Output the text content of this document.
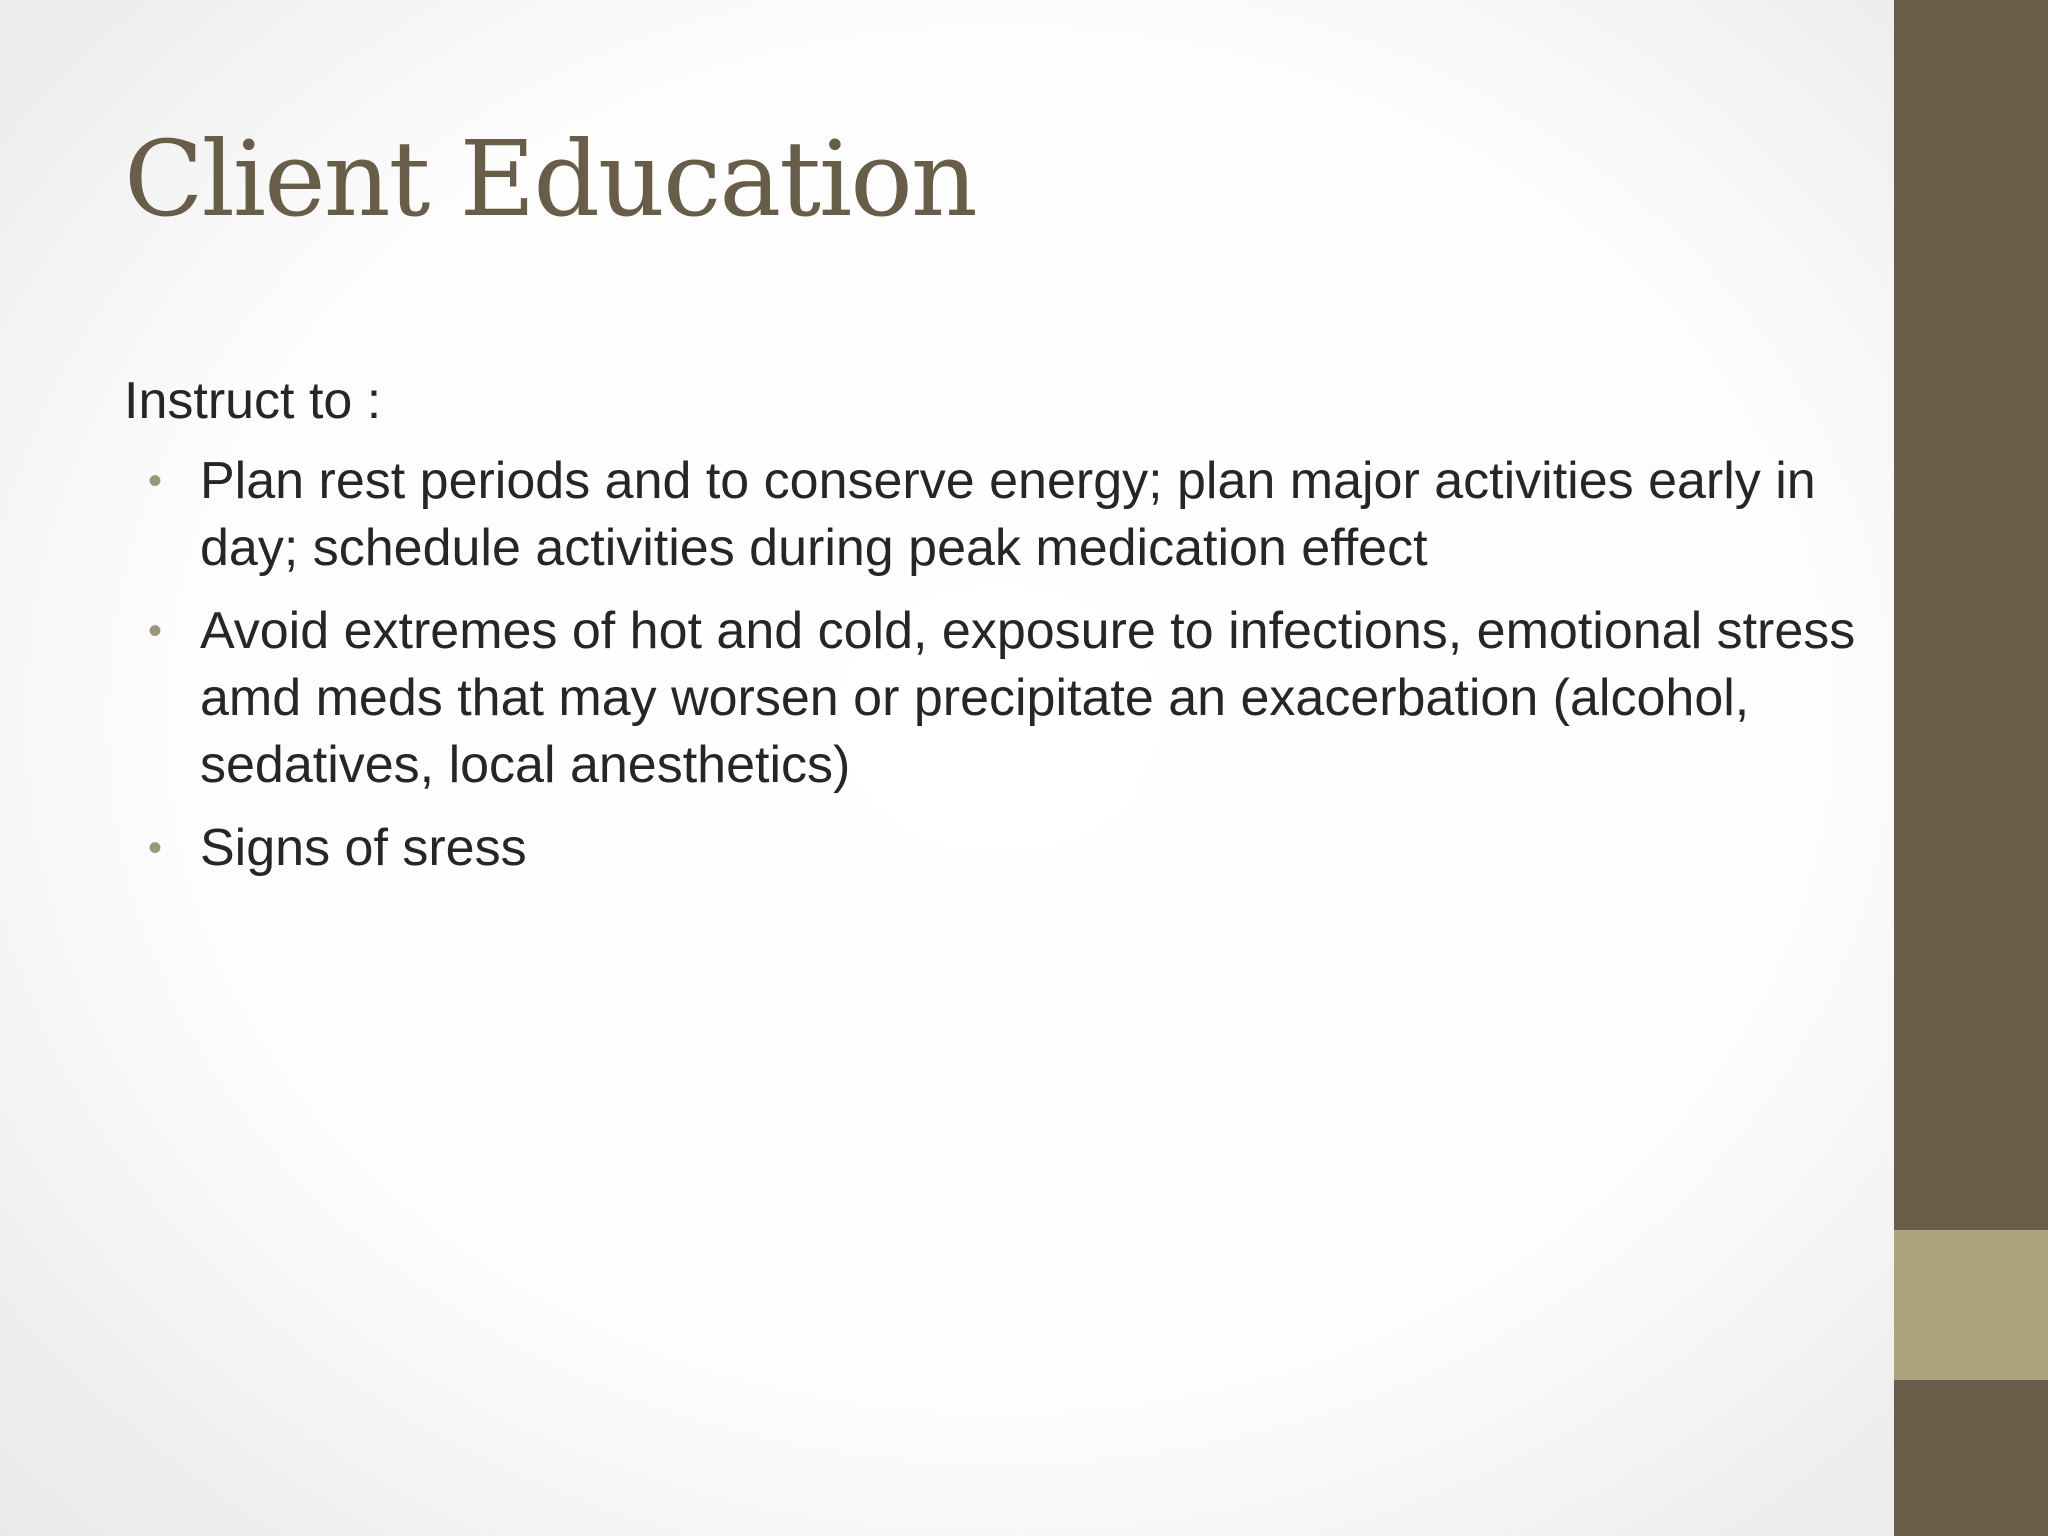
Client Education

Instruct to :

• Plan rest periods and to conserve energy; plan major activities early in day; schedule activities during peak medication effect
• Avoid extremes of hot and cold, exposure to infections, emotional stress amd meds that may worsen or precipitate an exacerbation (alcohol, sedatives, local anesthetics)
• Signs of sress
